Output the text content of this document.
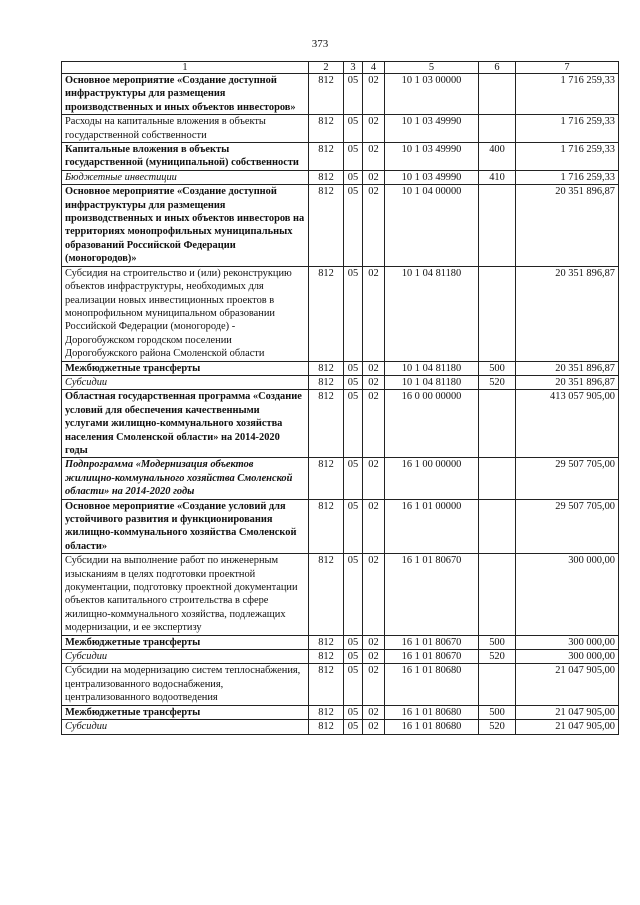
373
1	2	3	4	5	6	7
Основное мероприятие «Создание доступной инфраструктуры для размещения производственных и иных объектов инвесторов»	812	05	02	10 1 03 00000		1 716 259,33
Расходы на капитальные вложения в объекты государственной собственности	812	05	02	10 1 03 49990		1 716 259,33
Капитальные вложения в объекты государственной (муниципальной) собственности	812	05	02	10 1 03 49990	400	1 716 259,33
Бюджетные инвестиции	812	05	02	10 1 03 49990	410	1 716 259,33
Основное мероприятие «Создание доступной инфраструктуры для размещения производственных и иных объектов инвесторов на территориях монопрофильных муниципальных образований Российской Федерации (моногородов)»	812	05	02	10 1 04 00000		20 351 896,87
Субсидия на строительство и (или) реконструкцию объектов инфраструктуры, необходимых для реализации новых инвестиционных проектов в монопрофильном муниципальном образовании Российской Федерации (моногороде) - Дорогобужском городском поселении Дорогобужского района Смоленской области	812	05	02	10 1 04 81180		20 351 896,87
Межбюджетные трансферты	812	05	02	10 1 04 81180	500	20 351 896,87
Субсидии	812	05	02	10 1 04 81180	520	20 351 896,87
Областная государственная программа «Создание условий для обеспечения качественными услугами жилищно-коммунального хозяйства населения Смоленской области» на 2014-2020 годы	812	05	02	16 0 00 00000		413 057 905,00
Подпрограмма «Модернизация объектов жилищно-коммунального хозяйства Смоленской области» на 2014-2020 годы	812	05	02	16 1 00 00000		29 507 705,00
Основное мероприятие «Создание условий для устойчивого развития и функционирования жилищно-коммунального хозяйства Смоленской области»	812	05	02	16 1 01 00000		29 507 705,00
Субсидии на выполнение работ по инженерным изысканиям в целях подготовки проектной документации, подготовку проектной документации объектов капитального строительства в сфере жилищно-коммунального хозяйства, подлежащих модернизации, и ее экспертизу	812	05	02	16 1 01 80670		300 000,00
Межбюджетные трансферты	812	05	02	16 1 01 80670	500	300 000,00
Субсидии	812	05	02	16 1 01 80670	520	300 000,00
Субсидии на модернизацию систем теплоснабжения, централизованного водоснабжения, централизованного водоотведения	812	05	02	16 1 01 80680		21 047 905,00
Межбюджетные трансферты	812	05	02	16 1 01 80680	500	21 047 905,00
Субсидии	812	05	02	16 1 01 80680	520	21 047 905,00
